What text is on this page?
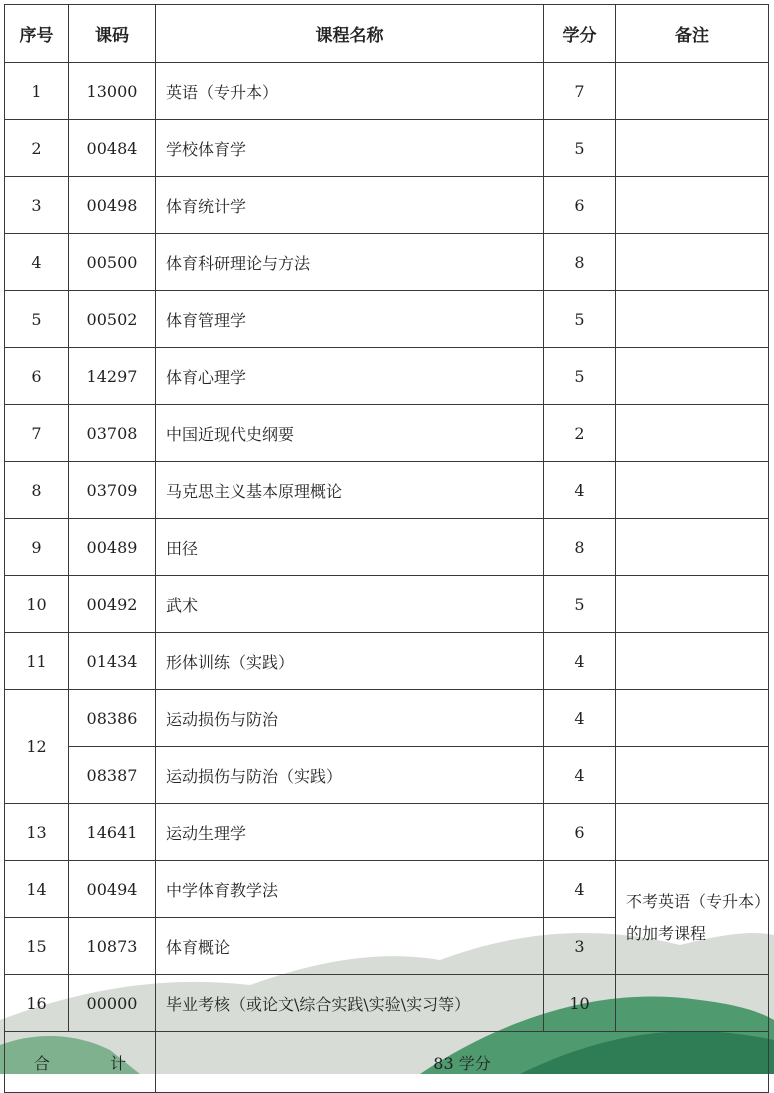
序号	课码	课程名称	学分	备注
1	13000	英语（专升本）	7	
2	00484	学校体育学	5	
3	00498	体育统计学	6	
4	00500	体育科研理论与方法	8	
5	00502	体育管理学	5	
6	14297	体育心理学	5	
7	03708	中国近现代史纲要	2	
8	03709	马克思主义基本原理概论	4	
9	00489	田径	8	
10	00492	武术	5	
11	01434	形体训练（实践）	4	
12	08386	运动损伤与防治	4	
	08387	运动损伤与防治（实践）	4	
13	14641	运动生理学	6	
14	00494	中学体育教学法	4	不考英语（专升本）的加考课程
15	10873	体育概论	3	
16	00000	毕业考核（或论文\综合实践\实验\实习等）	10	
合 计		83 学分		
